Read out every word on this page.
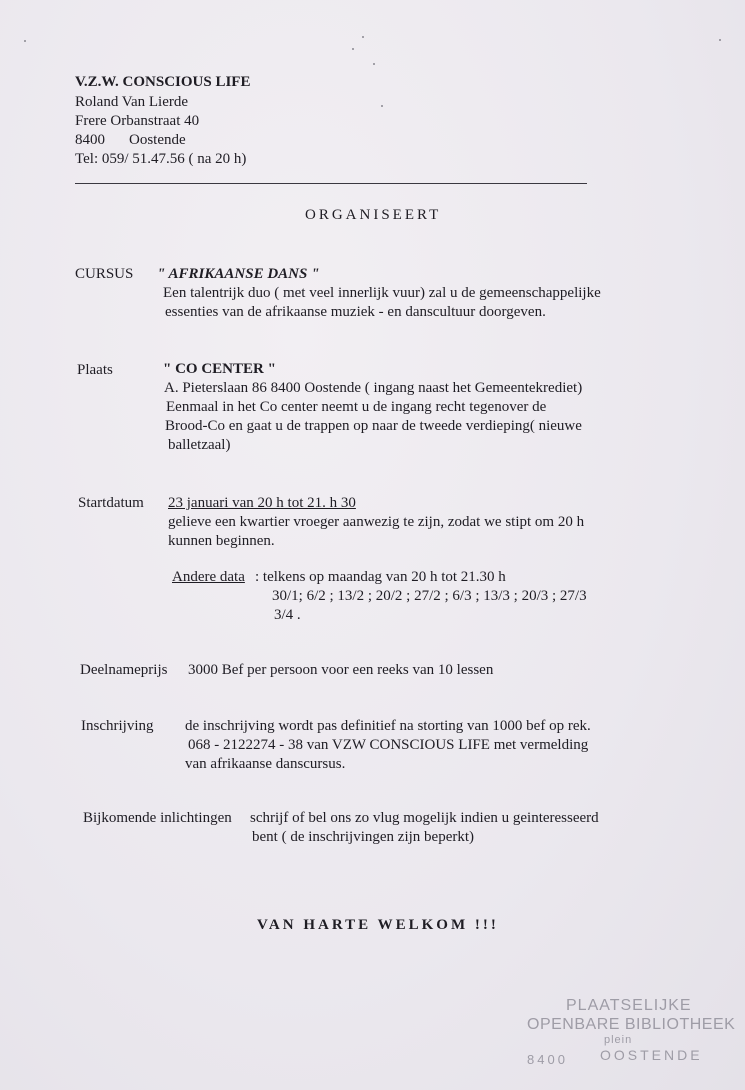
V.Z.W. CONSCIOUS LIFE
Roland Van Lierde
Frere Orbanstraat 40
8400 Oostende
Tel: 059/ 51.47.56 ( na 20 h)
ORGANISEERT
CURSUS " AFRIKAANSE DANS "
Een talentrijk duo ( met veel innerlijk vuur) zal u de gemeenschappelijke
essenties van de afrikaanse muziek - en danscultuur doorgeven.
Plaats	" CO CENTER "
A. Pieterslaan 86 8400 Oostende ( ingang naast het Gemeentekrediet)
Eenmaal in het Co center neemt u de ingang recht tegenover de
Brood-Co en gaat u de trappen op naar de tweede verdieping( nieuwe
balletzaal)
Startdatum 23 januari van 20 h tot 21. h 30
gelieve een kwartier vroeger aanwezig te zijn, zodat we stipt om 20 h
kunnen beginnen.
Andere data : telkens op maandag van 20 h tot 21.30 h
30/1; 6/2 ; 13/2 ; 20/2 ; 27/2 ; 6/3 ; 13/3 ; 20/3 ; 27/3
3/4 .
Deelnameprijs 3000 Bef per persoon voor een reeks van 10 lessen
Inschrijving de inschrijving wordt pas definitief na storting van 1000 bef op rek.
068 - 2122274 - 38 van VZW CONSCIOUS LIFE met vermelding
van afrikaanse danscursus.
Bijkomende inlichtingen schrijf of bel ons zo vlug mogelijk indien u geinteresseerd
bent ( de inschrijvingen zijn beperkt)
VAN HARTE WELKOM !!!
PLAATSELIJKE
OPENBARE BIBLIOTHEEK
plein
8400 OOSTENDE
